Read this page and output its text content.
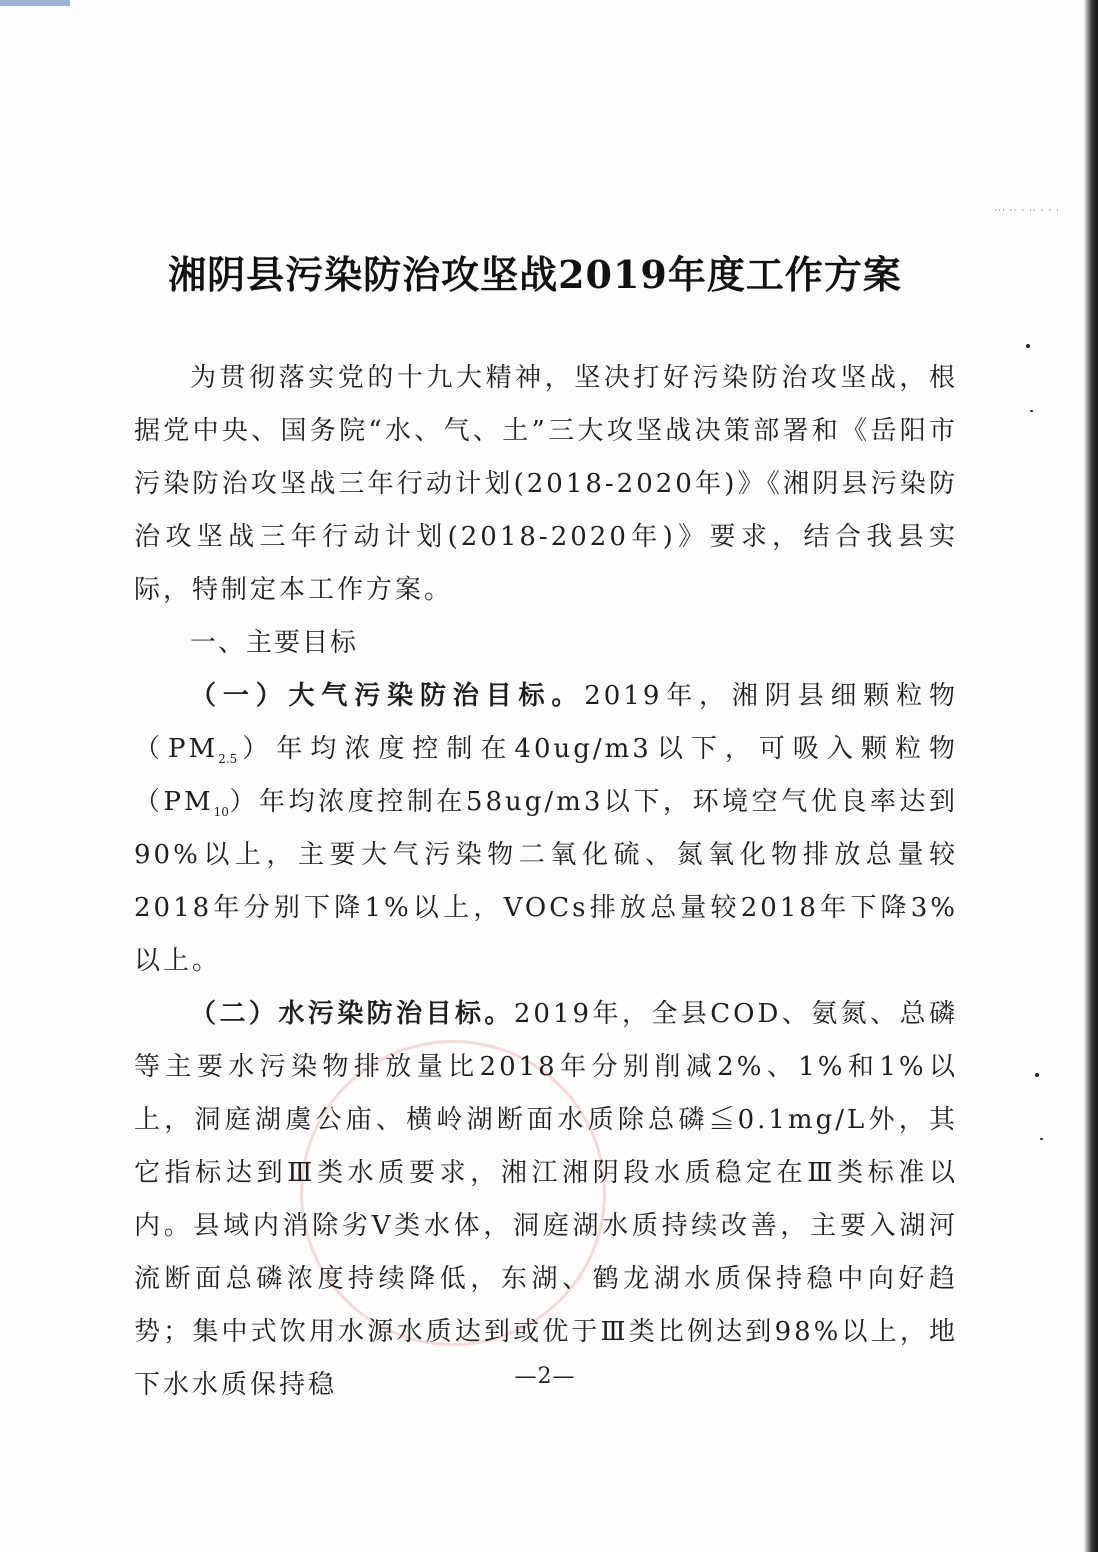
··· ·· · ·· · · ·
湘阴县污染防治攻坚战2019年度工作方案

为贯彻落实党的十九大精神，坚决打好污染防治攻坚战，根据党中央、国务院“水、气、土”三大攻坚战决策部署和《岳阳市污染防治攻坚战三年行动计划(2018-2020年)》《湘阴县污染防治攻坚战三年行动计划(2018-2020年)》要求，结合我县实际，特制定本工作方案。

一、主要目标

（一）大气污染防治目标。2019年，湘阴县细颗粒物$(PM_{2.5})$年均浓度控制在40ug/m3以下，可吸入颗粒物$(PM_{10})$年均浓度控制在58ug/m3以下，环境空气优良率达到90%以上，主要大气污染物二氧化硫、氮氧化物排放总量较2018年分别下降1%以上，VOCs排放总量较2018年下降3%以上。

（二）水污染防治目标。2019年，全县COD、氨氮、总磷等主要水污染物排放量比2018年分别削减2%、1%和1%以上，洞庭湖虞公庙、横岭湖断面水质除总磷≦0.1mg/L外，其它指标达到Ⅲ类水质要求，湘江湘阴段水质稳定在Ⅲ类标准以内。县域内消除劣Ⅴ类水体，洞庭湖水质持续改善，主要入湖河流断面总磷浓度持续降低，东湖、鹤龙湖水质保持稳中向好趋势；集中式饮用水源水质达到或优于Ⅲ类比例达到98%以上，地下水水质保持稳	—2—
